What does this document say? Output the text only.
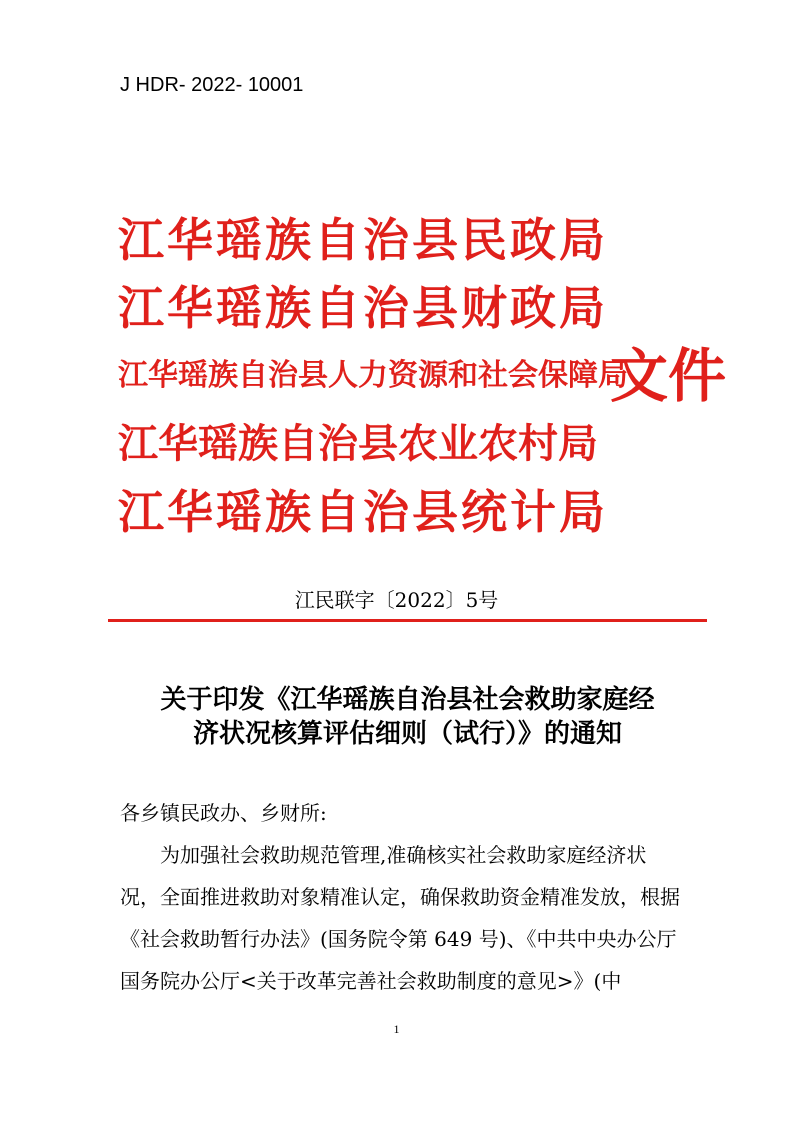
J HDR- 2022- 10001
江华瑶族自治县民政局
江华瑶族自治县财政局
江华瑶族自治县人力资源和社会保障局
江华瑶族自治县农业农村局
江华瑶族自治县统计局
文件
江民联字〔2022〕5号
关于印发《江华瑶族自治县社会救助家庭经
济状况核算评估细则（试行）》的通知

各乡镇民政办、乡财所:

为加强社会救助规范管理,准确核实社会救助家庭经济状况，全面推进救助对象精准认定，确保救助资金精准发放，根据《社会救助暂行办法》(国务院令第 649 号)、《中共中央办公厅国务院办公厅<关于改革完善社会救助制度的意见>》(中

1
